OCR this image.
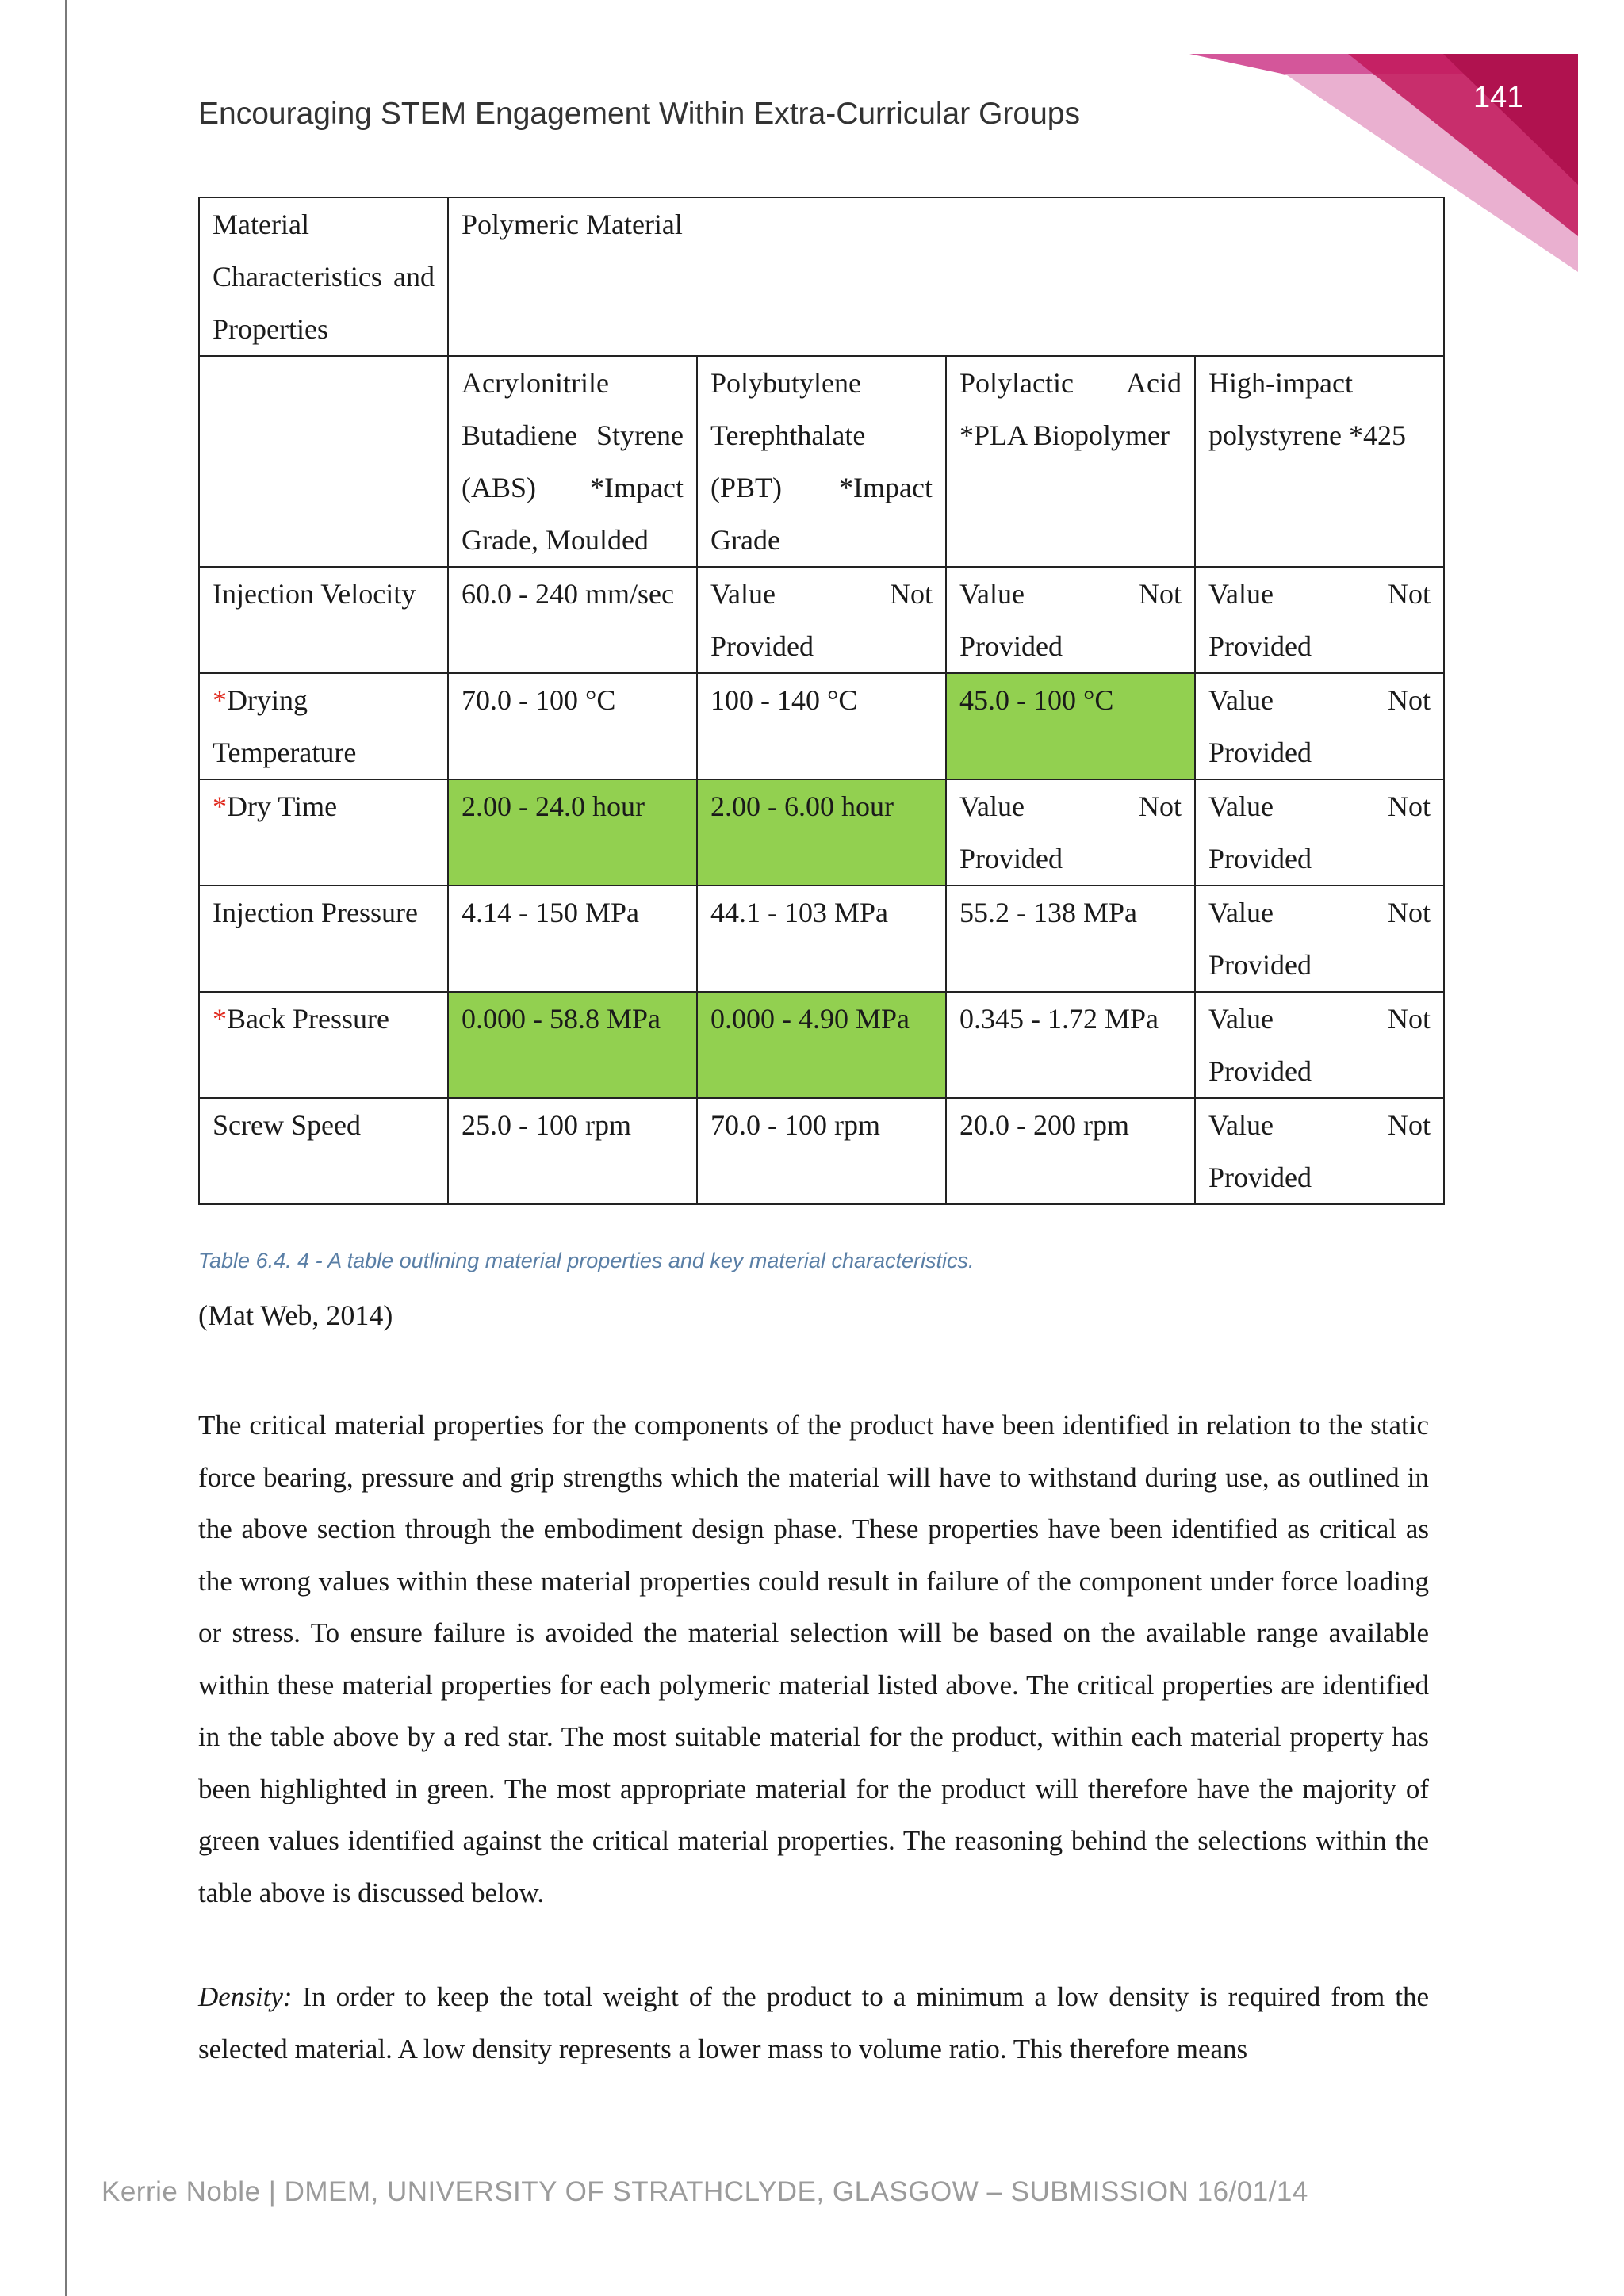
Encouraging STEM Engagement Within Extra-Curricular Groups	141
Material Characteristics and Properties	Polymeric Material			
	Acrylonitrile Butadiene Styrene (ABS) *Impact Grade, Moulded	Polybutylene Terephthalate (PBT) *Impact Grade	Polylactic Acid *PLA Biopolymer	High-impact polystyrene *425
Injection Velocity	60.0 - 240 mm/sec	Value Not Provided	Value Not Provided	Value Not Provided
*Drying Temperature	70.0 - 100 °C	100 - 140 °C	45.0 - 100 °C	Value Not Provided
*Dry Time	2.00 - 24.0 hour	2.00 - 6.00 hour	Value Not Provided	Value Not Provided
Injection Pressure	4.14 - 150 MPa	44.1 - 103 MPa	55.2 - 138 MPa	Value Not Provided
*Back Pressure	0.000 - 58.8 MPa	0.000 - 4.90 MPa	0.345 - 1.72 MPa	Value Not Provided
Screw Speed	25.0 - 100 rpm	70.0 - 100 rpm	20.0 - 200 rpm	Value Not Provided
Table 6.4. 4 - A table outlining material properties and key material characteristics.
(Mat Web, 2014)

The critical material properties for the components of the product have been identified in relation to the static force bearing, pressure and grip strengths which the material will have to withstand during use, as outlined in the above section through the embodiment design phase. These properties have been identified as critical as the wrong values within these material properties could result in failure of the component under force loading or stress. To ensure failure is avoided the material selection will be based on the available range available within these material properties for each polymeric material listed above. The critical properties are identified in the table above by a red star. The most suitable material for the product, within each material property has been highlighted in green. The most appropriate material for the product will therefore have the majority of green values identified against the critical material properties. The reasoning behind the selections within the table above is discussed below.

Density: In order to keep the total weight of the product to a minimum a low density is required from the selected material. A low density represents a lower mass to volume ratio. This therefore means

Kerrie Noble | DMEM, UNIVERSITY OF STRATHCLYDE, GLASGOW – SUBMISSION 16/01/14
